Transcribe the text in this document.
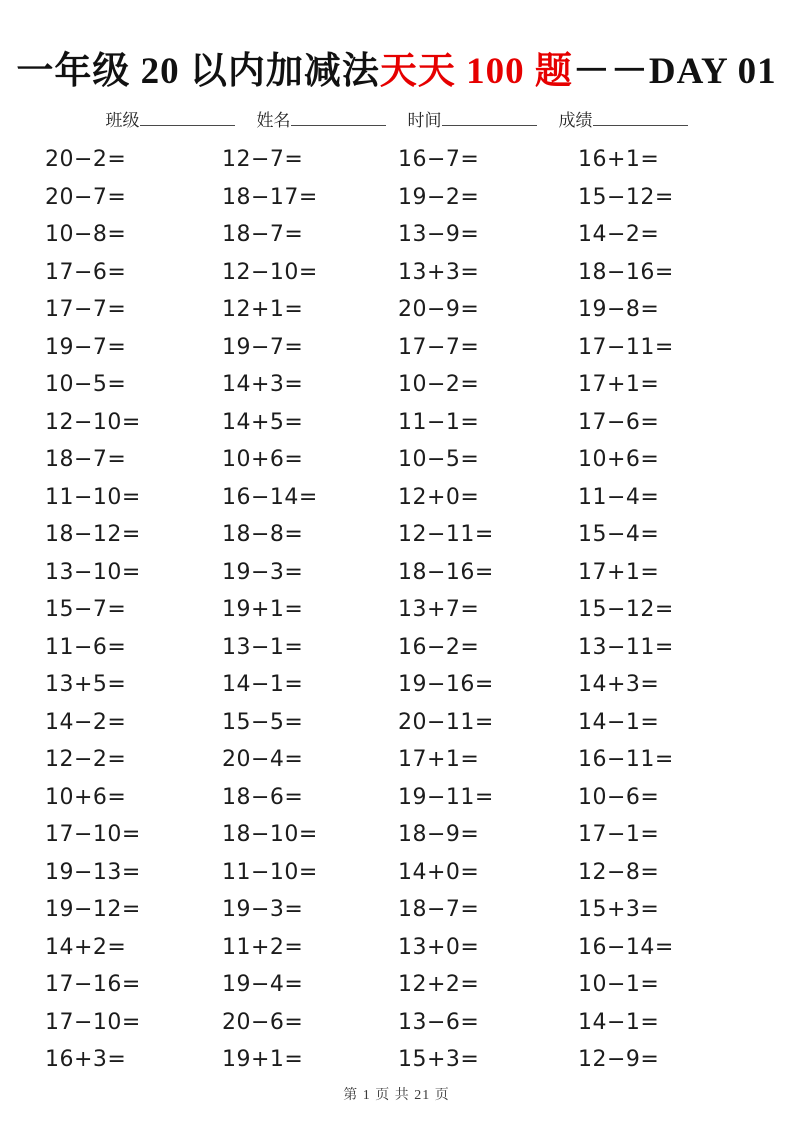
一年级 20 以内加减法天天 100 题－－DAY 01
班级	姓名	时间	成绩
20−2=	12−7=	16−7=	16+1=
20−7=	18−17=	19−2=	15−12=
10−8=	18−7=	13−9=	14−2=
17−6=	12−10=	13+3=	18−16=
17−7=	12+1=	20−9=	19−8=
19−7=	19−7=	17−7=	17−11=
10−5=	14+3=	10−2=	17+1=
12−10=	14+5=	11−1=	17−6=
18−7=	10+6=	10−5=	10+6=
11−10=	16−14=	12+0=	11−4=
18−12=	18−8=	12−11=	15−4=
13−10=	19−3=	18−16=	17+1=
15−7=	19+1=	13+7=	15−12=
11−6=	13−1=	16−2=	13−11=
13+5=	14−1=	19−16=	14+3=
14−2=	15−5=	20−11=	14−1=
12−2=	20−4=	17+1=	16−11=
10+6=	18−6=	19−11=	10−6=
17−10=	18−10=	18−9=	17−1=
19−13=	11−10=	14+0=	12−8=
19−12=	19−3=	18−7=	15+3=
14+2=	11+2=	13+0=	16−14=
17−16=	19−4=	12+2=	10−1=
17−10=	20−6=	13−6=	14−1=
16+3=	19+1=	15+3=	12−9=
第 1 页 共 21 页
